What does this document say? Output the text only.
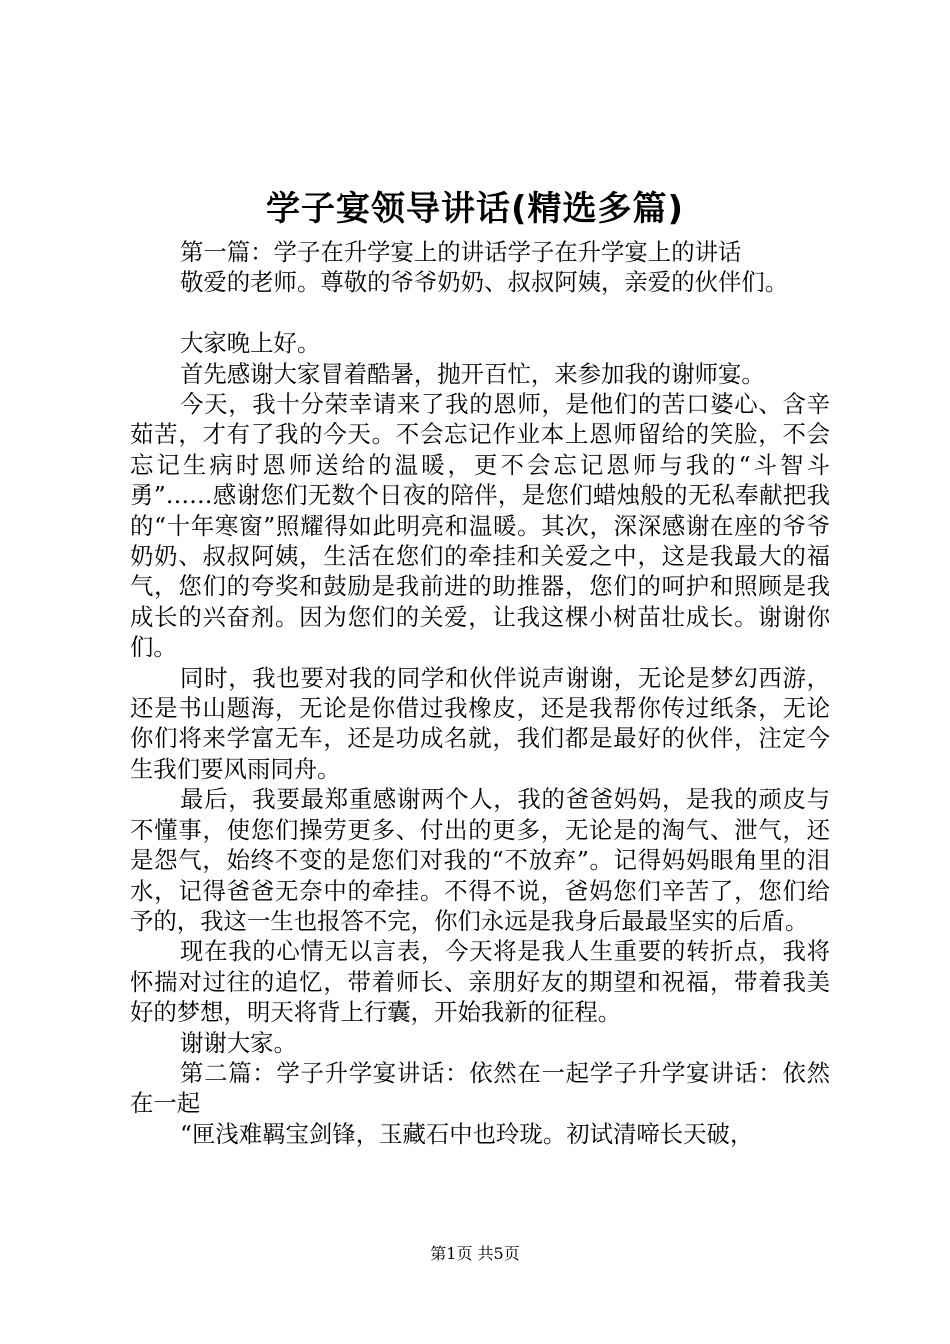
学子宴领导讲话(精选多篇)

第一篇：学子在升学宴上的讲话学子在升学宴上的讲话

敬爱的老师。尊敬的爷爷奶奶、叔叔阿姨，亲爱的伙伴们。

大家晚上好。

首先感谢大家冒着酷暑，抛开百忙，来参加我的谢师宴。

今天，我十分荣幸请来了我的恩师，是他们的苦口婆心、含辛茹苦，才有了我的今天。不会忘记作业本上恩师留给的笑脸，不会忘记生病时恩师送给的温暖，更不会忘记恩师与我的“斗智斗勇”……感谢您们无数个日夜的陪伴，是您们蜡烛般的无私奉献把我的“十年寒窗”照耀得如此明亮和温暖。其次，深深感谢在座的爷爷奶奶、叔叔阿姨，生活在您们的牵挂和关爱之中，这是我最大的福气，您们的夸奖和鼓励是我前进的助推器，您们的呵护和照顾是我成长的兴奋剂。因为您们的关爱，让我这棵小树苗壮成长。谢谢你们。

同时，我也要对我的同学和伙伴说声谢谢，无论是梦幻西游，还是书山题海，无论是你借过我橡皮，还是我帮你传过纸条，无论你们将来学富无车，还是功成名就，我们都是最好的伙伴，注定今生我们要风雨同舟。

最后，我要最郑重感谢两个人，我的爸爸妈妈，是我的顽皮与不懂事，使您们操劳更多、付出的更多，无论是的淘气、泄气，还是怨气，始终不变的是您们对我的“不放弃”。记得妈妈眼角里的泪水，记得爸爸无奈中的牵挂。不得不说，爸妈您们辛苦了，您们给予的，我这一生也报答不完，你们永远是我身后最最坚实的后盾。

现在我的心情无以言表，今天将是我人生重要的转折点，我将怀揣对过往的追忆，带着师长、亲朋好友的期望和祝福，带着我美好的梦想，明天将背上行囊，开始我新的征程。

谢谢大家。

第二篇：学子升学宴讲话：依然在一起学子升学宴讲话：依然在一起

“匣浅难羁宝剑锋，玉藏石中也玲珑。初试清啼长天破，

第1页 共5页
